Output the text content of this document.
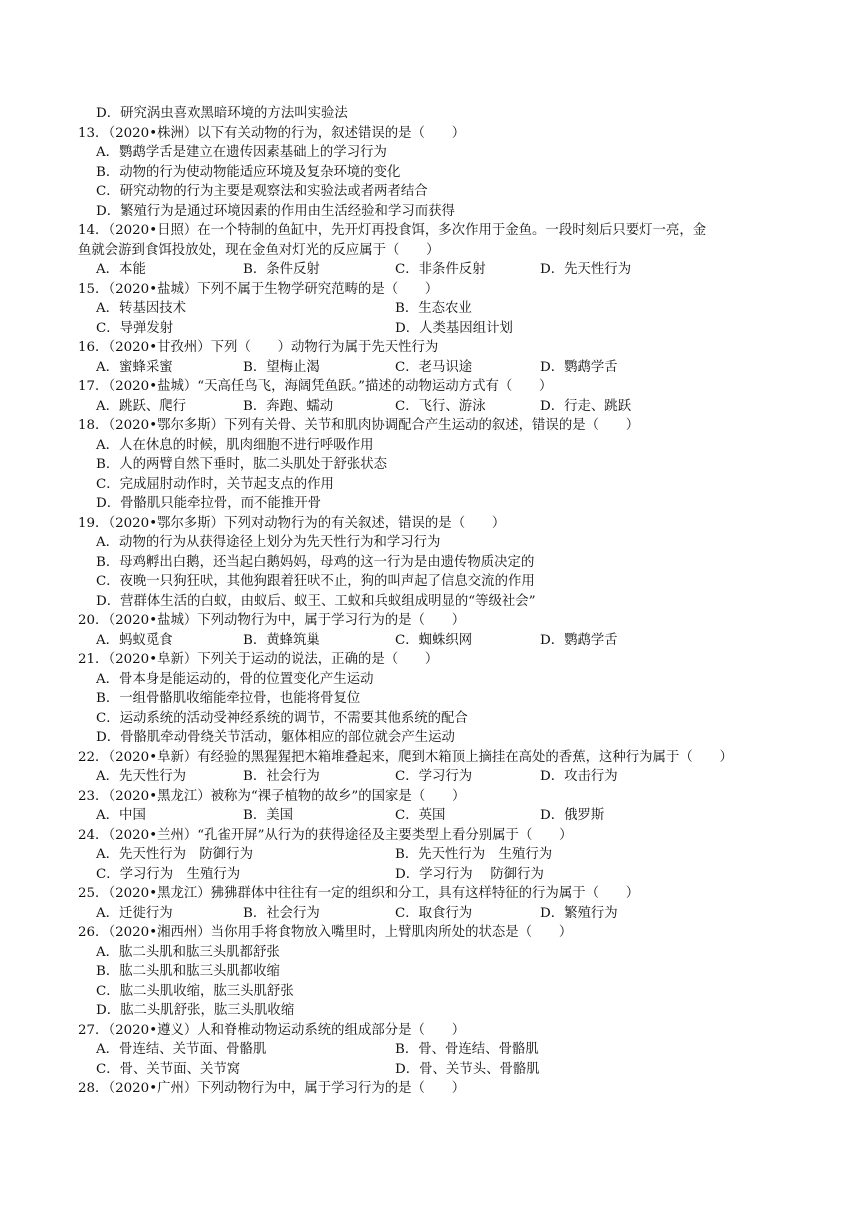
D．研究涡虫喜欢黑暗环境的方法叫实验法
13．（2020•株洲）以下有关动物的行为，叙述错误的是（　　）
A．鹦鹉学舌是建立在遗传因素基础上的学习行为
B．动物的行为使动物能适应环境及复杂环境的变化
C．研究动物的行为主要是观察法和实验法或者两者结合
D．繁殖行为是通过环境因素的作用由生活经验和学习而获得
14．（2020•日照）在一个特制的鱼缸中，先开灯再投食饵，多次作用于金鱼。一段时刻后只要灯一亮，金
鱼就会游到食饵投放处，现在金鱼对灯光的反应属于（　　）
A．本能	B．条件反射	C．非条件反射	D．先天性行为
15．（2020•盐城）下列不属于生物学研究范畴的是（　　）
A．转基因技术	B．生态农业
C．导弹发射	D．人类基因组计划
16．（2020•甘孜州）下列（　　）动物行为属于先天性行为
A．蜜蜂采蜜	B．望梅止渴	C．老马识途	D．鹦鹉学舌
17．（2020•盐城）“天高任鸟飞，海阔凭鱼跃。”描述的动物运动方式有（　　）
A．跳跃、爬行	B．奔跑、蠕动	C．飞行、游泳	D．行走、跳跃
18．（2020•鄂尔多斯）下列有关骨、关节和肌肉协调配合产生运动的叙述，错误的是（　　）
A．人在休息的时候，肌肉细胞不进行呼吸作用
B．人的两臂自然下垂时，肱二头肌处于舒张状态
C．完成屈肘动作时，关节起支点的作用
D．骨骼肌只能牵拉骨，而不能推开骨
19．（2020•鄂尔多斯）下列对动物行为的有关叙述，错误的是（　　）
A．动物的行为从获得途径上划分为先天性行为和学习行为
B．母鸡孵出白鹅，还当起白鹅妈妈，母鸡的这一行为是由遗传物质决定的
C．夜晚一只狗狂吠，其他狗跟着狂吠不止，狗的叫声起了信息交流的作用
D．营群体生活的白蚁，由蚁后、蚁王、工蚁和兵蚁组成明显的“等级社会”
20．（2020•盐城）下列动物行为中，属于学习行为的是（　　）
A．蚂蚁觅食	B．黄蜂筑巢	C．蜘蛛织网	D．鹦鹉学舌
21．（2020•阜新）下列关于运动的说法，正确的是（　　）
A．骨本身是能运动的，骨的位置变化产生运动
B．一组骨骼肌收缩能牵拉骨，也能将骨复位
C．运动系统的活动受神经系统的调节，不需要其他系统的配合
D．骨骼肌牵动骨绕关节活动，躯体相应的部位就会产生运动
22．（2020•阜新）有经验的黑猩猩把木箱堆叠起来，爬到木箱顶上摘挂在高处的香蕉，这种行为属于（　　）
A．先天性行为	B．社会行为	C．学习行为	D．攻击行为
23．（2020•黑龙江）被称为“裸子植物的故乡”的国家是（　　）
A．中国	B．美国	C．英国	D．俄罗斯
24．（2020•兰州）“孔雀开屏”从行为的获得途径及主要类型上看分别属于（　　）
A．先天性行为　防御行为	B．先天性行为　生殖行为
C．学习行为　生殖行为	D．学习行为　 防御行为
25．（2020•黑龙江）狒狒群体中往往有一定的组织和分工，具有这样特征的行为属于（　　）
A．迁徙行为	B．社会行为	C．取食行为	D．繁殖行为
26．（2020•湘西州）当你用手将食物放入嘴里时，上臂肌肉所处的状态是（　　）
A．肱二头肌和肱三头肌都舒张
B．肱二头肌和肱三头肌都收缩
C．肱二头肌收缩，肱三头肌舒张
D．肱二头肌舒张，肱三头肌收缩
27．（2020•遵义）人和脊椎动物运动系统的组成部分是（　　）
A．骨连结、关节面、骨骼肌	B．骨、骨连结、骨骼肌
C．骨、关节面、关节窝	D．骨、关节头、骨骼肌
28．（2020•广州）下列动物行为中，属于学习行为的是（　　）
